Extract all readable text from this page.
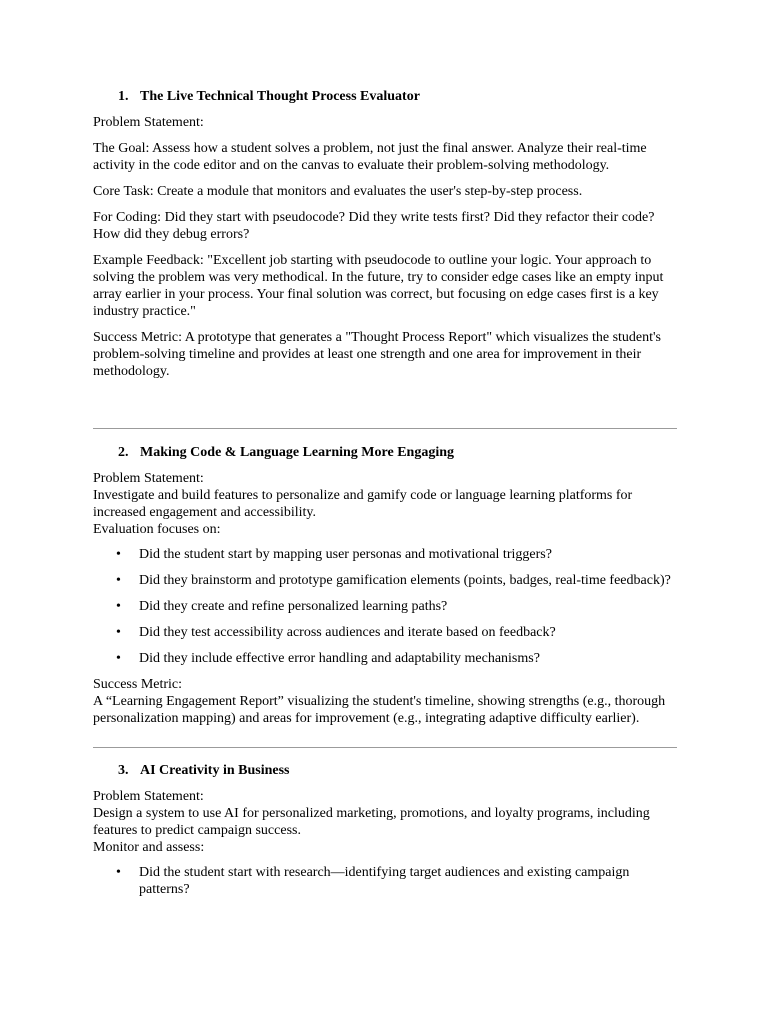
1. The Live Technical Thought Process Evaluator

Problem Statement:

The Goal: Assess how a student solves a problem, not just the final answer. Analyze their real-time activity in the code editor and on the canvas to evaluate their problem-solving methodology.

Core Task: Create a module that monitors and evaluates the user's step-by-step process.

For Coding: Did they start with pseudocode? Did they write tests first? Did they refactor their code? How did they debug errors?

Example Feedback: "Excellent job starting with pseudocode to outline your logic. Your approach to solving the problem was very methodical. In the future, try to consider edge cases like an empty input array earlier in your process. Your final solution was correct, but focusing on edge cases first is a key industry practice."

Success Metric: A prototype that generates a "Thought Process Report" which visualizes the student's problem-solving timeline and provides at least one strength and one area for improvement in their methodology.

2. Making Code & Language Learning More Engaging

Problem Statement:

Investigate and build features to personalize and gamify code or language learning platforms for increased engagement and accessibility.

Evaluation focuses on:

• Did the student start by mapping user personas and motivational triggers?
• Did they brainstorm and prototype gamification elements (points, badges, real-time feedback)?
• Did they create and refine personalized learning paths?
• Did they test accessibility across audiences and iterate based on feedback?
• Did they include effective error handling and adaptability mechanisms?

Success Metric:

A “Learning Engagement Report” visualizing the student's timeline, showing strengths (e.g., thorough personalization mapping) and areas for improvement (e.g., integrating adaptive difficulty earlier).

3. AI Creativity in Business

Problem Statement:

Design a system to use AI for personalized marketing, promotions, and loyalty programs, including features to predict campaign success.

Monitor and assess:

• Did the student start with research—identifying target audiences and existing campaign patterns?
